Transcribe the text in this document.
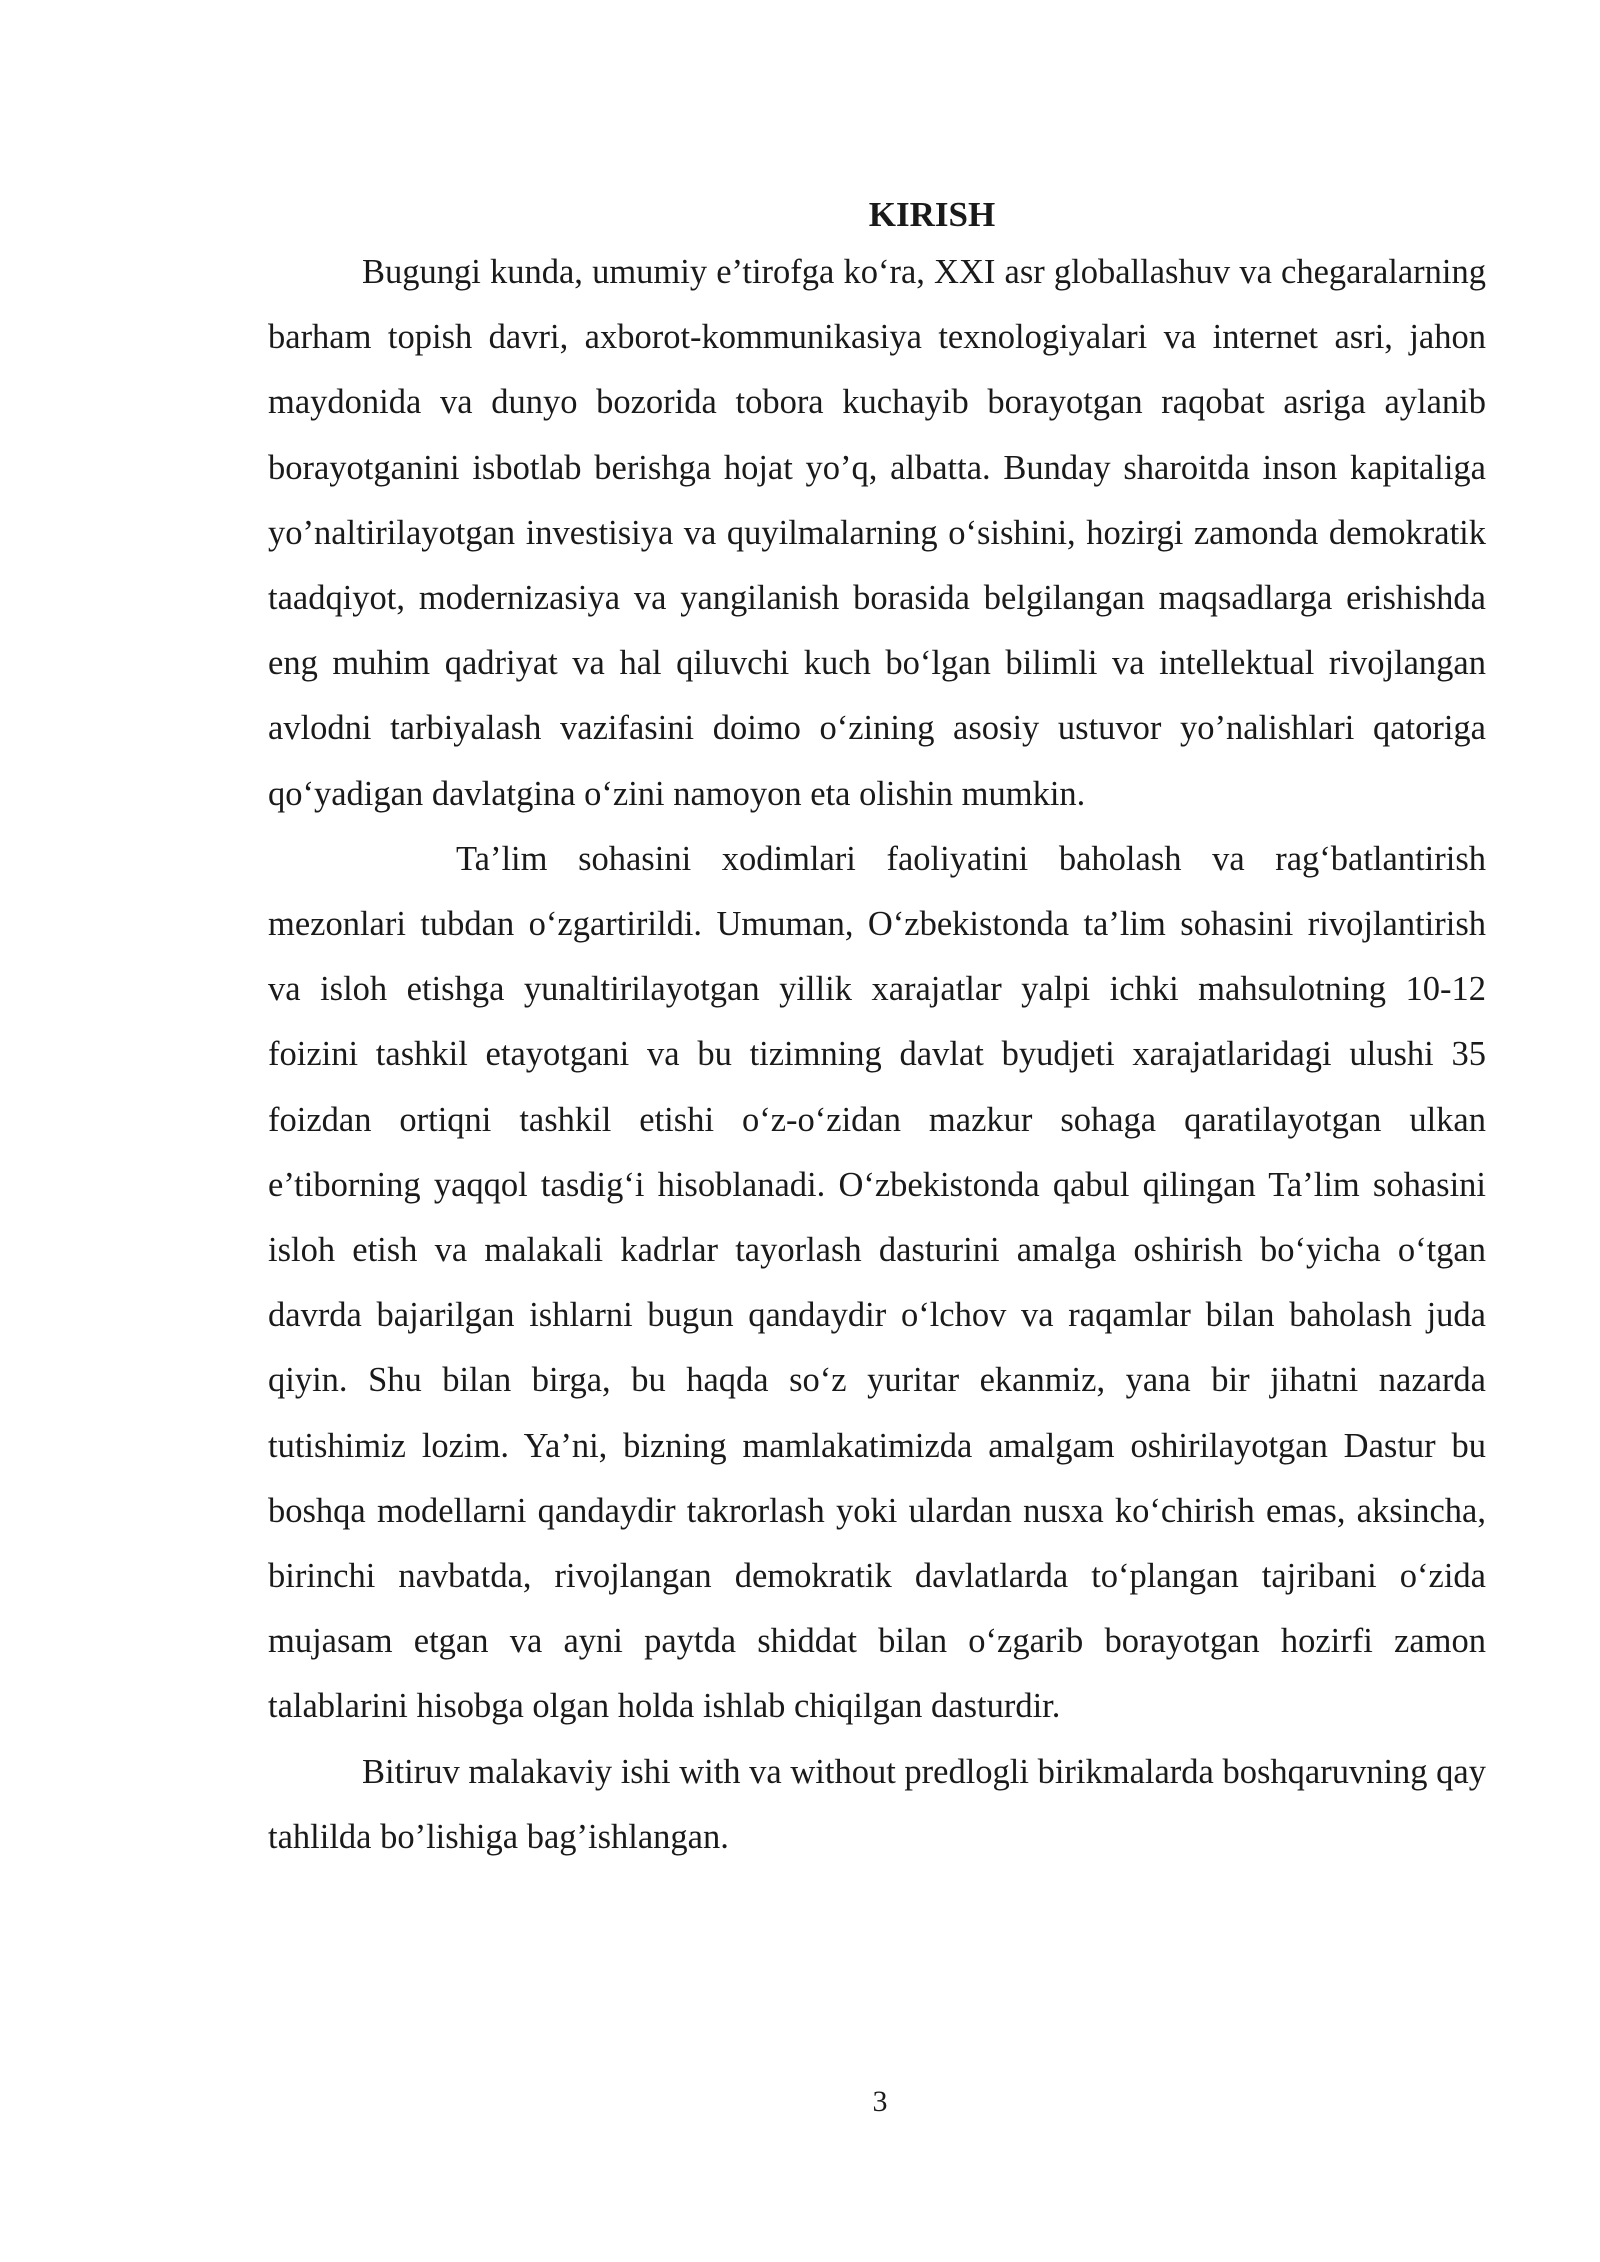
KIRISH

Bugungi kunda, umumiy e’tirofga ko‘ra, XXI asr globallashuv va chegaralarning barham topish davri, axborot-kommunikasiya texnologiyalari va internet asri, jahon maydonida va dunyo bozorida tobora kuchayib borayotgan raqobat asriga aylanib borayotganini isbotlab berishga hojat yo’q, albatta. Bunday sharoitda inson kapitaliga yo’naltirilayotgan investisiya va quyilmalarning o‘sishini, hozirgi zamonda demokratik taadqiyot, modernizasiya va yangilanish borasida belgilangan maqsadlarga erishishda eng muhim qadriyat va hal qiluvchi kuch bo‘lgan bilimli va intellektual rivojlangan avlodni tarbiyalash vazifasini doimo o‘zining asosiy ustuvor yo’nalishlari qatoriga qo‘yadigan davlatgina o‘zini namoyon eta olishin mumkin.

Ta’lim sohasini xodimlari faoliyatini baholash va rag‘batlantirish mezonlari tubdan o‘zgartirildi. Umuman, O‘zbekistonda ta’lim sohasini rivojlantirish va isloh etishga yunaltirilayotgan yillik xarajatlar yalpi ichki mahsulotning 10-12 foizini tashkil etayotgani va bu tizimning davlat byudjeti xarajatlaridagi ulushi 35 foizdan ortiqni tashkil etishi o‘z-o‘zidan mazkur sohaga qaratilayotgan ulkan e’tiborning yaqqol tasdig‘i hisoblanadi. O‘zbekistonda qabul qilingan Ta’lim sohasini isloh etish va malakali kadrlar tayorlash dasturini amalga oshirish bo‘yicha o‘tgan davrda bajarilgan ishlarni bugun qandaydir o‘lchov va raqamlar bilan baholash juda qiyin. Shu bilan birga, bu haqda so‘z yuritar ekanmiz, yana bir jihatni nazarda tutishimiz lozim. Ya’ni, bizning mamlakatimizda amalgam oshirilayotgan Dastur bu boshqa modellarni qandaydir takrorlash yoki ulardan nusxa ko‘chirish emas, aksincha, birinchi navbatda, rivojlangan demokratik davlatlarda to‘plangan tajribani o‘zida mujasam etgan va ayni paytda shiddat bilan o‘zgarib borayotgan hozirfi zamon talablarini hisobga olgan holda ishlab chiqilgan dasturdir.

Bitiruv malakaviy ishi with va without predlogli birikmalarda boshqaruvning qay tahlilda bo’lishiga bag’ishlangan.

3
